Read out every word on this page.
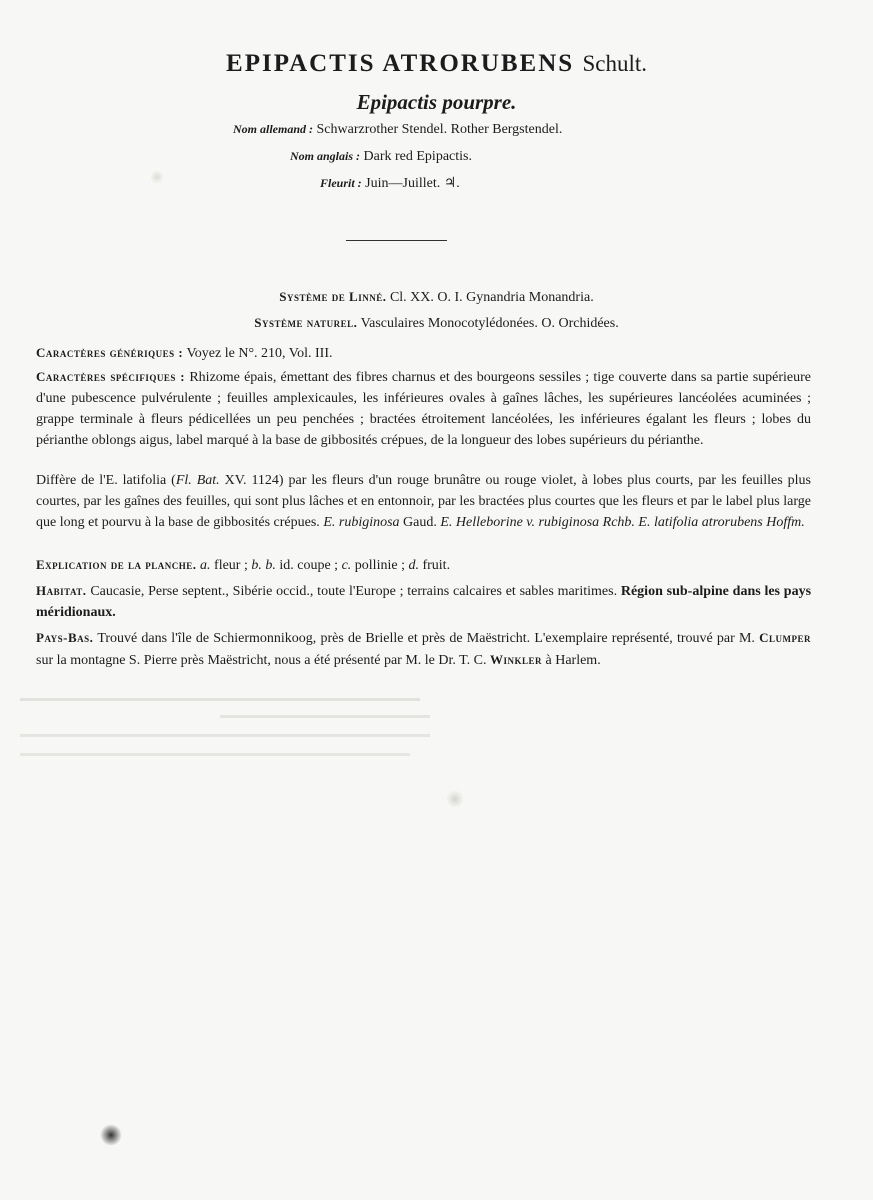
EPIPACTIS ATRORUBENS Schult.
Epipactis pourpre.
Nom allemand : Schwarzrother Stendel. Rother Bergstendel.
Nom anglais : Dark red Epipactis.
Fleurit : Juin—Juillet. ♃.
Système de Linné. Cl. XX. O. I. Gynandria Monandria.
Système naturel. Vasculaires Monocotylédonées. O. Orchidées.
Caractères génériques : Voyez le N°. 210, Vol. III.
Caractères spécifiques : Rhizome épais, émettant des fibres charnus et des bourgeons sessiles ; tige couverte dans sa partie supérieure d'une pubescence pulvérulente ; feuilles amplexicaules, les inférieures ovales à gaînes lâches, les supérieures lancéolées acuminées ; grappe terminale à fleurs pédicellées un peu penchées ; bractées étroitement lancéolées, les inférieures égalant les fleurs ; lobes du périanthe oblongs aigus, label marqué à la base de gibbosités crépues, de la longueur des lobes supérieurs du périanthe.
Diffère de l'E. latifolia (Fl. Bat. XV. 1124) par les fleurs d'un rouge brunâtre ou rouge violet, à lobes plus courts, par les feuilles plus courtes, par les gaînes des feuilles, qui sont plus lâches et en entonnoir, par les bractées plus courtes que les fleurs et par le label plus large que long et pourvu à la base de gibbosités crépues. E. rubiginosa Gaud. E. Helleborine v. rubiginosa Rchb. E. latifolia atrorubens Hoffm.
Explication de la planche. a. fleur ; b. b. id. coupe ; c. pollinie ; d. fruit.
Habitat. Caucasie, Perse septent., Sibérie occid., toute l'Europe ; terrains calcaires et sables maritimes. Région sub-alpine dans les pays méridionaux.
Pays-Bas. Trouvé dans l'île de Schiermonnikoog, près de Brielle et près de Maëstricht. L'exemplaire représenté, trouvé par M. Clumper sur la montagne S. Pierre près Maëstricht, nous a été présenté par M. le Dr. T. C. Winkler à Harlem.
